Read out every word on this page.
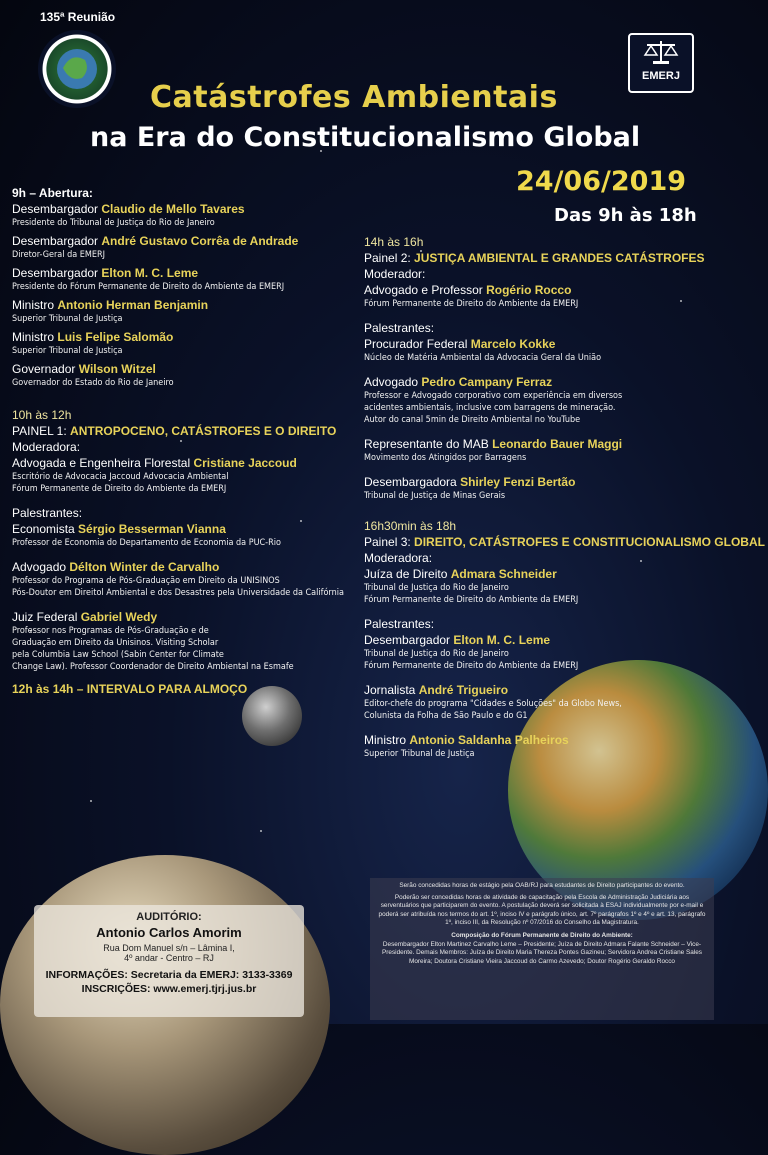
135ª Reunião
EMERJ
Catástrofes Ambientais
na Era do Constitucionalismo Global
24/06/2019
Das 9h às 18h
9h – Abertura:
Desembargador Claudio de Mello Tavares
Presidente do Tribunal de Justiça do Rio de Janeiro
Desembargador André Gustavo Corrêa de Andrade
Diretor-Geral da EMERJ
Desembargador Elton M. C. Leme
Presidente do Fórum Permanente de Direito do Ambiente da EMERJ
Ministro Antonio Herman Benjamin
Superior Tribunal de Justiça
Ministro Luis Felipe Salomão
Superior Tribunal de Justiça
Governador Wilson Witzel
Governador do Estado do Rio de Janeiro
10h às 12h
PAINEL 1: ANTROPOCENO, CATÁSTROFES E O DIREITO
Moderadora:
Advogada e Engenheira Florestal Cristiane Jaccoud
Escritório de Advocacia Jaccoud Advocacia Ambiental
Fórum Permanente de Direito do Ambiente da EMERJ
Palestrantes:
Economista Sérgio Besserman Vianna
Professor de Economia do Departamento de Economia da PUC-Rio
Advogado Délton Winter de Carvalho
Professor do Programa de Pós-Graduação em Direito da UNISINOS
Pós-Doutor em Direitol Ambiental e dos Desastres pela Universidade da Califórnia
Juiz Federal Gabriel Wedy
Professor nos Programas de Pós-Graduação e de
Graduação em Direito da Unisinos. Visiting Scholar
pela Columbia Law School (Sabin Center for Climate
Change Law). Professor Coordenador de Direito Ambiental na Esmafe
12h às 14h – INTERVALO PARA ALMOÇO
14h às 16h
Painel 2: JUSTIÇA AMBIENTAL E GRANDES CATÁSTROFES
Moderador:
Advogado e Professor Rogério Rocco
Fórum Permanente de Direito do Ambiente da EMERJ
Palestrantes:
Procurador Federal Marcelo Kokke
Núcleo de Matéria Ambiental da Advocacia Geral da União
Advogado Pedro Campany Ferraz
Professor e Advogado corporativo com experiência em diversos
acidentes ambientais, inclusive com barragens de mineração.
Autor do canal 5min de Direito Ambiental no YouTube
Representante do MAB Leonardo Bauer Maggi
Movimento dos Atingidos por Barragens
Desembargadora Shirley Fenzi Bertão
Tribunal de Justiça de Minas Gerais
16h30min às 18h
Painel 3: DIREITO, CATÁSTROFES E CONSTITUCIONALISMO GLOBAL
Moderadora:
Juíza de Direito Admara Schneider
Tribunal de Justiça do Rio de Janeiro
Fórum Permanente de Direito do Ambiente da EMERJ
Palestrantes:
Desembargador Elton M. C. Leme
Tribunal de Justiça do Rio de Janeiro
Fórum Permanente de Direito do Ambiente da EMERJ
Jornalista André Trigueiro
Editor-chefe do programa "Cidades e Soluções" da Globo News,
Colunista da Folha de São Paulo e do G1
Ministro Antonio Saldanha Palheiros
Superior Tribunal de Justiça
AUDITÓRIO:
Antonio Carlos Amorim
Rua Dom Manuel s/n – Lâmina I,
4º andar - Centro – RJ
INFORMAÇÕES: Secretaria da EMERJ: 3133-3369
INSCRIÇÕES: www.emerj.tjrj.jus.br
Serão concedidas horas de estágio pela OAB/RJ para estudantes de Direito participantes do evento.
Poderão ser concedidas horas de atividade de capacitação pela Escola de Administração Judiciária aos serventuários que participarem do evento. A postulação deverá ser solicitada à ESAJ individualmente por e-mail e poderá ser atribuída nos termos do art. 1º, inciso IV e parágrafo único, art. 7º parágrafos 1º e 4º e art. 13, parágrafo 1º, inciso III, da Resolução nº 07/2016 do Conselho da Magistratura.
Composição do Fórum Permanente de Direito do Ambiente:
Desembargador Elton Martinez Carvalho Leme – Presidente; Juíza de Direito Admara Falante Schneider – Vice-Presidente. Demais Membros: Juíza de Direito Maria Thereza Pontes Gazineu; Servidora Andrea Cristiane Sales Moreira; Doutora Cristiane Vieira Jaccoud do Carmo Azevedo; Doutor Rogério Geraldo Rocco
